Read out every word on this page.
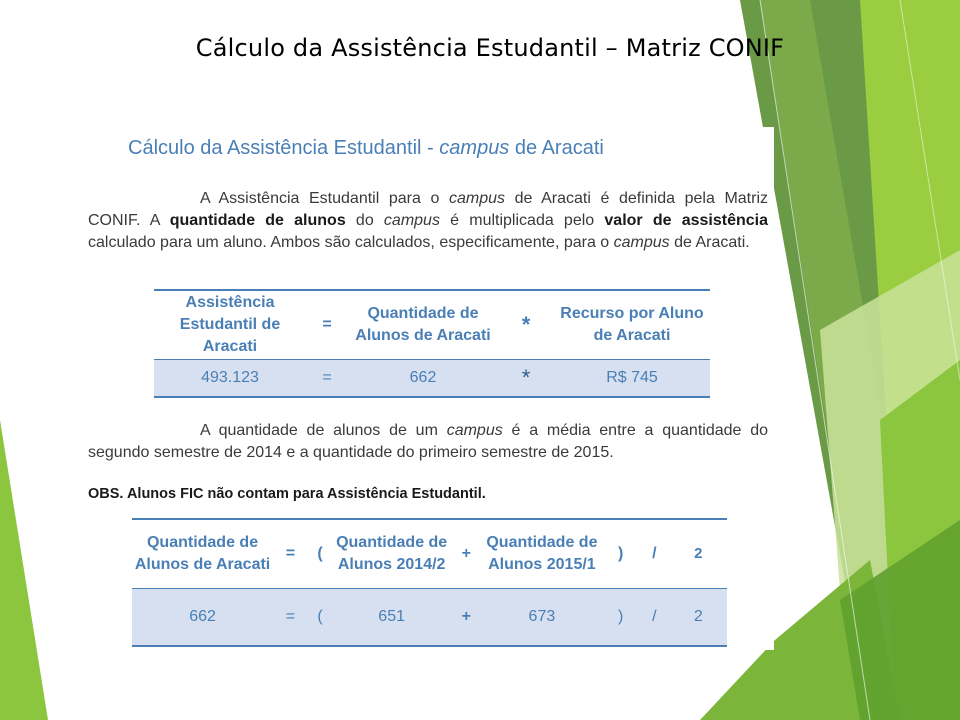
Cálculo da Assistência Estudantil – Matriz CONIF
Cálculo da Assistência Estudantil - campus de Aracati
A Assistência Estudantil para o campus de Aracati é definida pela Matriz CONIF. A quantidade de alunos do campus é multiplicada pelo valor de assistência calculado para um aluno. Ambos são calculados, especificamente, para o campus de Aracati.
Assistência Estudantil de Aracati	=	Quantidade de Alunos de Aracati	*	Recurso por Aluno de Aracati
493.123	=	662	*	R$ 745
A quantidade de alunos de um campus é a média entre a quantidade do segundo semestre de 2014 e a quantidade do primeiro semestre de 2015.
OBS. Alunos FIC não contam para Assistência Estudantil.
Quantidade de Alunos de Aracati	=	(	Quantidade de Alunos 2014/2	+	Quantidade de Alunos 2015/1	)	/	2
662	=	(	651	+	673	)	/	2
